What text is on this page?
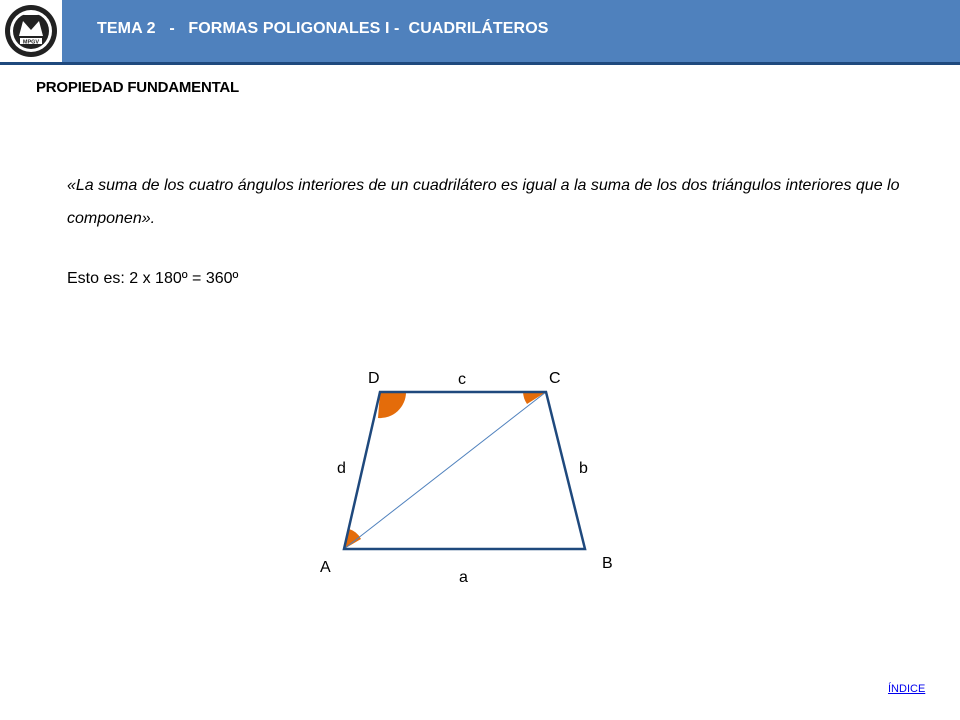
MPGV
TEMA 2   -   FORMAS POLIGONALES I -  CUADRILÁTEROS
PROPIEDAD FUNDAMENTAL
«La suma de los cuatro ángulos interiores de un cuadrilátero es igual a la suma de los dos triángulos interiores que lo componen».
Esto es: 2 x 180º = 360º
D	c	C
d	b
B
A
a
ÍNDICE
